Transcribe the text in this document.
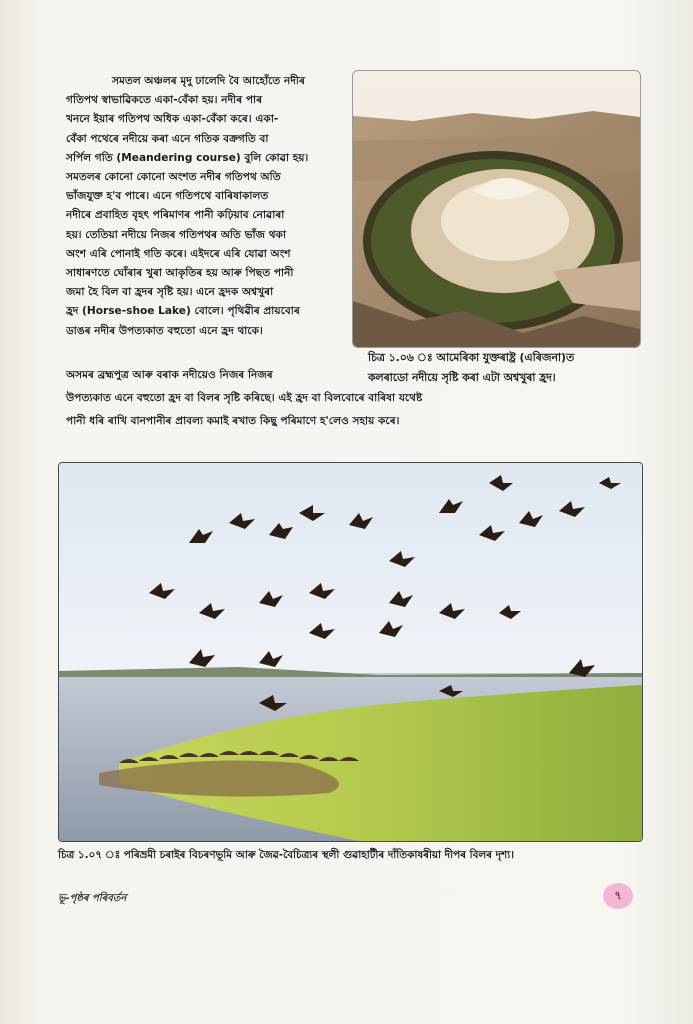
সমতল অঞ্চলৰ মৃদু ঢালেদি বৈ আহোঁতে নদীৰ
গতিপথ স্বাভাৱিকতে একা-বেঁকা হয়। নদীৰ পাৰ
খননে ইয়াৰ গতিপথ অধিক একা-বেঁকা কৰে। একা-
বেঁকা পথেৰে নদীয়ে কৰা এনে গতিক বক্ৰগতি বা
সৰ্পিল গতি (Meandering course) বুলি কোৱা হয়।
সমতলৰ কোনো কোনো অংশত নদীৰ গতিপথ অতি
ভাঁজযুক্ত হ'ব পাৰে। এনে গতিপথে বাৰিষাকালত
নদীৰে প্ৰবাহিত বৃহৎ পৰিমাণৰ পানী কঢ়িয়াব নোৱাৰা
হয়। তেতিয়া নদীয়ে নিজৰ গতিপথৰ অতি ভাঁজ থকা
অংশ এৰি পোনাই গতি কৰে। এইদৰে এৰি যোৱা অংশ
সাধাৰণতে ঘোঁৰাৰ খুৰা আকৃতিৰ হয় আৰু পিছত পানী
জমা হৈ বিল বা হ্ৰদৰ সৃষ্টি হয়। এনে হ্ৰদক অশ্বখুৰা
হ্ৰদ (Horse-shoe Lake) বোলে। পৃথিৱীৰ প্ৰায়বোৰ
ডাঙৰ নদীৰ উপত্যকাত বহুতো এনে হ্ৰদ থাকে।
চিত্ৰ ১.০৬ ঃ আমেৰিকা যুক্তৰাষ্ট্ৰ (এৰিজনা)ত
কলৰাডো নদীয়ে সৃষ্টি কৰা এটা অশ্বখুৰা হ্ৰদ।
অসমৰ ব্ৰহ্মপুত্ৰ আৰু বৰাক নদীয়েও নিজৰ নিজৰ
উপত্যকাত এনে বহুতো হ্ৰদ বা বিলৰ সৃষ্টি কৰিছে। এই হ্ৰদ বা বিলবোৰে বাৰিষা যথেষ্ট
পানী ধৰি ৰাখি বানপানীৰ প্ৰাবল্য কমাই ৰখাত কিছু পৰিমাণে হ'লেও সহায় কৰে।
চিত্ৰ ১.০৭ ঃ পৰিভ্ৰমী চৰাইৰ বিচৰণভূমি আৰু জৈৱ-বৈচিত্ৰ্যৰ স্থলী গুৱাহাটীৰ দাঁতিকাষৰীয়া দীপৰ বিলৰ দৃশ্য।
ভূ-পৃষ্ঠৰ পৰিবৰ্তন	৭
